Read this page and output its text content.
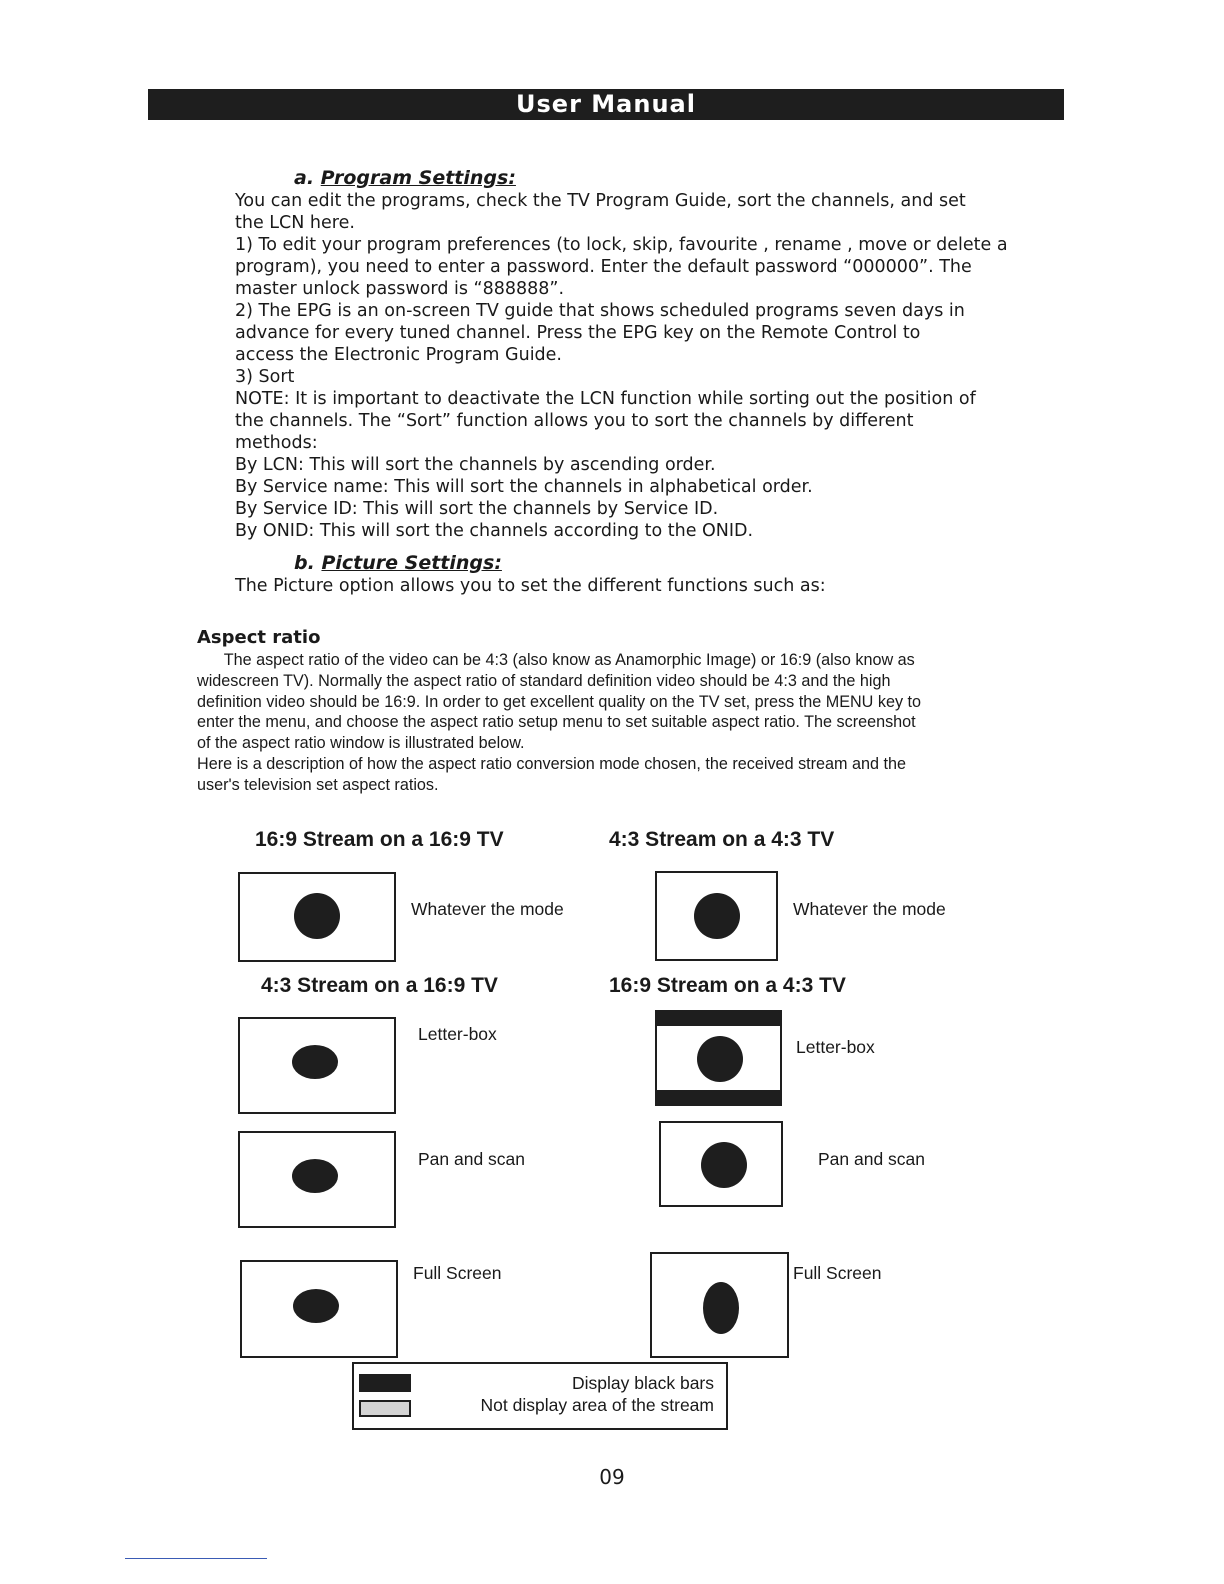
User Manual
a. Program Settings:
You can edit the programs, check the TV Program Guide, sort the channels, and set
the LCN here.
1) To edit your program preferences (to lock, skip, favourite , rename , move or delete a
program), you need to enter a password. Enter the default password “000000”. The
master unlock password is “888888”.
2) The EPG is an on-screen TV guide that shows scheduled programs seven days in
advance for every tuned channel. Press the EPG key on the Remote Control to
access the Electronic Program Guide.
3) Sort
NOTE: It is important to deactivate the LCN function while sorting out the position of
the channels. The “Sort” function allows you to sort the channels by different
methods:
By LCN: This will sort the channels by ascending order.
By Service name: This will sort the channels in alphabetical order.
By Service ID: This will sort the channels by Service ID.
By ONID: This will sort the channels according to the ONID.
b. Picture Settings:
The Picture option allows you to set the different functions such as:
Aspect ratio
The aspect ratio of the video can be 4:3 (also know as Anamorphic Image) or 16:9 (also know as
widescreen TV). Normally the aspect ratio of standard definition video should be 4:3 and the high
definition video should be 16:9. In order to get excellent quality on the TV set, press the MENU key to
enter the menu, and choose the aspect ratio setup menu to set suitable aspect ratio. The screenshot
of the aspect ratio window is illustrated below.
Here is a description of how the aspect ratio conversion mode chosen, the received stream and the
user's television set aspect ratios.
16:9 Stream on a 16:9 TV	4:3 Stream on a 4:3 TV
4:3 Stream on a 16:9 TV	16:9 Stream on a 4:3 TV
Whatever the mode	Whatever the mode
Letter-box
Letter-box
Pan and scan	Pan and scan
Full Screen	Full Screen
Display black bars
Not display area of the stream
09
